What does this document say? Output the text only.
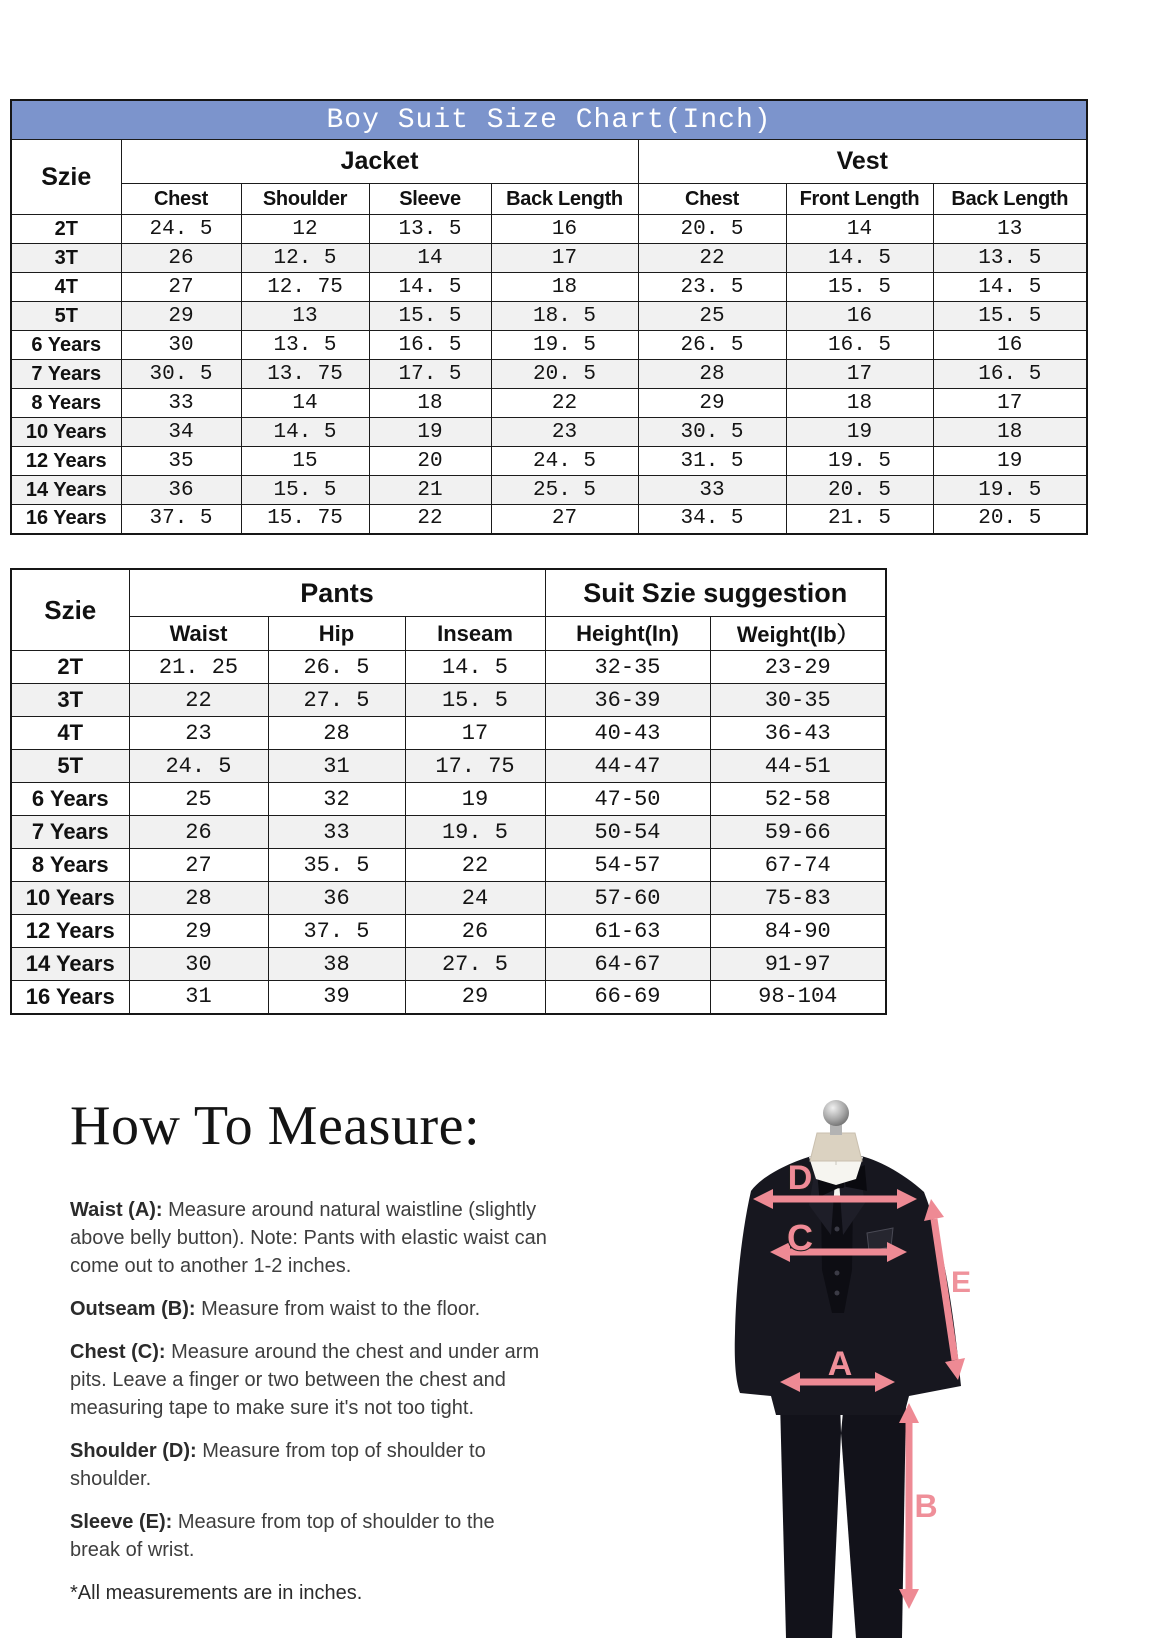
Boy Suit Size Chart(Inch)							
Szie	Jacket				Vest		
	Chest	Shoulder	Sleeve	Back Length	Chest	Front Length	Back Length
2T	24. 5	12	13. 5	16	20. 5	14	13
3T	26	12. 5	14	17	22	14. 5	13. 5
4T	27	12. 75	14. 5	18	23. 5	15. 5	14. 5
5T	29	13	15. 5	18. 5	25	16	15. 5
6 Years	30	13. 5	16. 5	19. 5	26. 5	16. 5	16
7 Years	30. 5	13. 75	17. 5	20. 5	28	17	16. 5
8 Years	33	14	18	22	29	18	17
10 Years	34	14. 5	19	23	30. 5	19	18
12 Years	35	15	20	24. 5	31. 5	19. 5	19
14 Years	36	15. 5	21	25. 5	33	20. 5	19. 5
16 Years	37. 5	15. 75	22	27	34. 5	21. 5	20. 5
Szie	Pants			Suit Szie suggestion	
	Waist	Hip	Inseam	Height(In)	Weight(Ib）
2T	21. 25	26. 5	14. 5	32-35	23-29
3T	22	27. 5	15. 5	36-39	30-35
4T	23	28	17	40-43	36-43
5T	24. 5	31	17. 75	44-47	44-51
6 Years	25	32	19	47-50	52-58
7 Years	26	33	19. 5	50-54	59-66
8 Years	27	35. 5	22	54-57	67-74
10 Years	28	36	24	57-60	75-83
12 Years	29	37. 5	26	61-63	84-90
14 Years	30	38	27. 5	64-67	91-97
16 Years	31	39	29	66-69	98-104
How To Measure:

Waist (A): Measure around natural waistline (slightly above belly button). Note: Pants with elastic waist can come out to another 1-2 inches.

Outseam (B): Measure from waist to the floor.

Chest (C): Measure around the chest and under arm pits. Leave a finger or two between the chest and measuring tape to make sure it's not too tight.

Shoulder (D): Measure from top of shoulder to shoulder.

Sleeve (E): Measure from top of shoulder to the break of wrist.

*All measurements are in inches.

D
C
A
B
E
